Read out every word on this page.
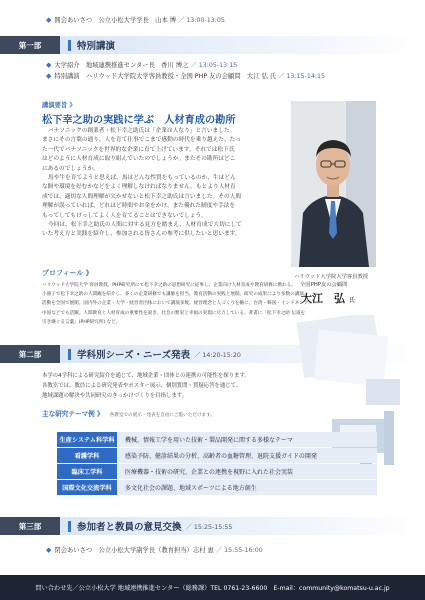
◆ 開会あいさつ　公立小松大学学長　山本 博 ／ 13:00-13:05
第一部	特別講演
◆ 大学紹介　地域連携推進センター長　香川 博之 ／ 13:05-13:15
◆ 特別講演　ハリウッド大学院大学客員教授・全国 PHP 友の会顧問　大江 弘 氏 ／ 13:15-14:15
講演要旨 》
松下幸之助の実践に学ぶ　人材育成の勘所
パナソニックの創業者・松下幸之助氏は「企業は人なり」と言いました。
まさにその言葉の通り、人を育て仕事でこまで感動の時代を乗り越えた、たっ
た一代でパナソニックを世界的な企業に育て上げています。それでは松下氏
はどのように人材育成に取り組んでいたのでしょうか。またその勘所はどこ
にあるのでしょうか。
馬や牛を育てようと思えば、馬はどんな性質をもっているのか、牛はどん
な飼や環境を好むかなどをよく理解しなければなりません。もとより人材育
成では、適切な人間理解が欠かせないと松下幸之助氏は言いました。その人間
理解が誤っていれば、どれほど時間やお金をかけ、また優れた制度や手法を
もってしてもけっしてよく人を育てることはできないでしょう。
今回は、松下幸之助氏の人間に対する見方を踏まえ、人材育成で大切にして
いた考え方と実践を紹介し、参加される皆さんの参考に供したいと思います。
ハリウッド大学院大学客員教授
全国PHP友の会顧問
大江　弘 氏
プロフィール 》
ハリウッド大学院大学 客員教授。PHP研究所にて松下幸之助の思想研究に従事し、企業向け人材育成や教育研修に携わる。
小冊子で松下幸之助の人間観を紹介し、多くの企業研修でも講師を担当。教育活動の実践と展開、研究の成果により多数の講演。
活動を全国で展開。国内外の企業・大学・経営者団体において講演多数。経営理念と人づくりを軸に、台湾・韓国・インドネシア・
中国などでも活躍。人間教育と人材育成の重要性を説き、社会の繁栄と幸福の実現に尽力している。著書に「松下幸之助 伝道を
引き継ぐる言葉」(PHP研究所) など。
第二部	学科別シーズ・ニーズ発表 ／ 14:20-15:20
本学の4学科による研究紹介を通じて、地域企業・団体との連携の可能性を探ります。
各教室では、教員による研究発表やポスター展示、個別質問・質疑応答を通じて、
地域課題の解決や共同研究のきっかけづくりを目指します。
主な研究テーマ例 》 各教室での展示・発表を自由にご覧いただけます。
生産システム科学科	機械、情報工学を用いた技術・製品開発に関する多様なテーマ
看護学科	感染予防、健診結果の分析、高齢者の血糖管理、退院支援ガイドの開発
臨床工学科	医療機器・技術の研究、企業との連携を視野に入れた社会実装
国際文化交流学科	多文化社会の課題、地域スポーツによる地方創生
第三部	参加者と教員の意見交換 ／ 15:25-15:55
◆ 閉会あいさつ　公立小松大学副学長（教育担当）志村 恵 ／ 15:55-16:00
問い合わせ先／公立小松大学 地域連携推進センター（総務課）TEL 0761-23-6600　E-mail：community@komatsu-u.ac.jp
